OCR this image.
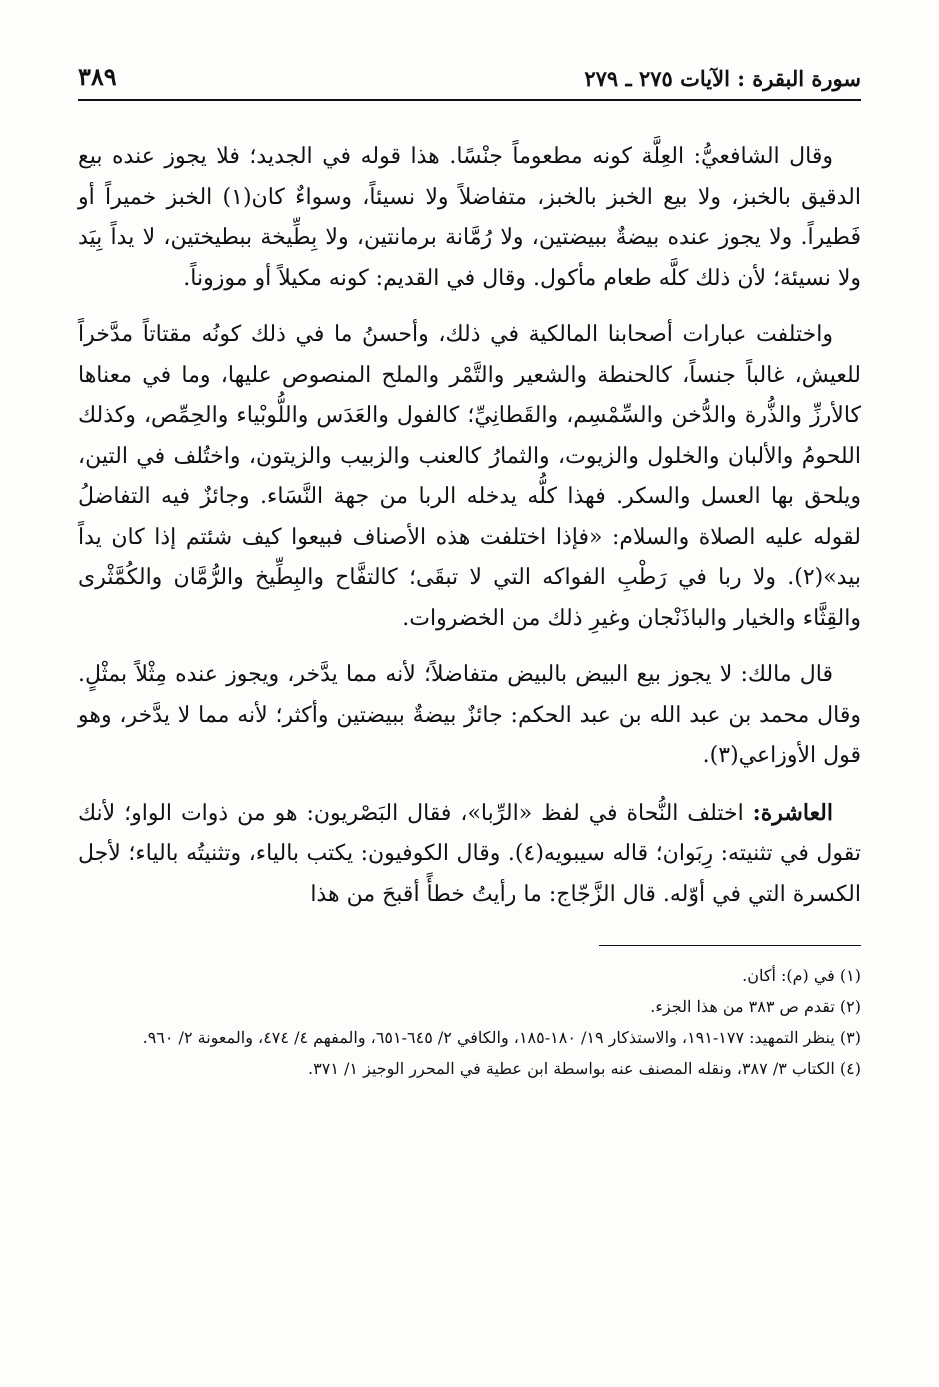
سورة البقرة : الآيات ٢٧٥ ـ ٢٧٩
٣٨٩

وقال الشافعيُّ: العِلَّة كونه مطعوماً جنْسًا. هذا قوله في الجديد؛ فلا يجوز عنده بيع الدقيق بالخبز، ولا بيع الخبز بالخبز، متفاضلاً ولا نسيئاً، وسواءٌ كان(١) الخبز خميراً أو فَطيراً. ولا يجوز عنده بيضةٌ ببيضتين، ولا رُمَّانة برمانتين، ولا بِطِّيخة ببطيختين، لا يداً بِيَد ولا نسيئة؛ لأن ذلك كلَّه طعام مأكول. وقال في القديم: كونه مكيلاً أو موزوناً.

واختلفت عبارات أصحابنا المالكية في ذلك، وأحسنُ ما في ذلك كونُه مقتاتاً مدَّخراً للعيش، غالباً جنساً، كالحنطة والشعير والتَّمْر والملح المنصوص عليها، وما في معناها كالأرزِّ والذُّرة والدُّخن والسِّمْسِم، والقَطانِيِّ؛ كالفول والعَدَس واللُّوبْياء والحِمِّص، وكذلك اللحومُ والألبان والخلول والزيوت، والثمارُ كالعنب والزبيب والزيتون، واختُلف في التين، ويلحق بها العسل والسكر. فهذا كلُّه يدخله الربا من جهة النَّسَاء. وجائزٌ فيه التفاضلُ لقوله عليه الصلاة والسلام: «فإذا اختلفت هذه الأصناف فبيعوا كيف شئتم إذا كان يداً بيد»(٢). ولا ربا في رَطْبِ الفواكه التي لا تبقَى؛ كالتفَّاح والبِطِّيخ والرُّمَّان والكُمَّثْرى والقِثَّاء والخيار والباذَنْجان وغيرِ ذلك من الخضروات.

قال مالك: لا يجوز بيع البيض بالبيض متفاضلاً؛ لأنه مما يدَّخر، ويجوز عنده مِثْلاً بمثْلٍ. وقال محمد بن عبد الله بن عبد الحكم: جائزٌ بيضةٌ ببيضتين وأكثر؛ لأنه مما لا يدَّخر، وهو قول الأوزاعي(٣).

العاشرة: اختلف النُّحاة في لفظ «الرِّبا»، فقال البَصْريون: هو من ذوات الواو؛ لأنك تقول في تثنيته: رِبَوان؛ قاله سيبويه(٤). وقال الكوفيون: يكتب بالياء، وتثنيتُه بالياء؛ لأجل الكسرة التي في أوّله. قال الزَّجّاج: ما رأيتُ خطأً أقبحَ من هذا

(١) في (م): أكان.

(٢) تقدم ص ٣٨٣ من هذا الجزء.

(٣) ينظر التمهيد: ١٧٧-١٩١، والاستذكار ١٩/ ١٨٠-١٨٥، والكافي ٢/ ٦٤٥-٦٥١، والمفهم ٤/ ٤٧٤، والمعونة ٢/ ٩٦٠.

(٤) الكتاب ٣/ ٣٨٧، ونقله المصنف عنه بواسطة ابن عطية في المحرر الوجيز ١/ ٣٧١.
